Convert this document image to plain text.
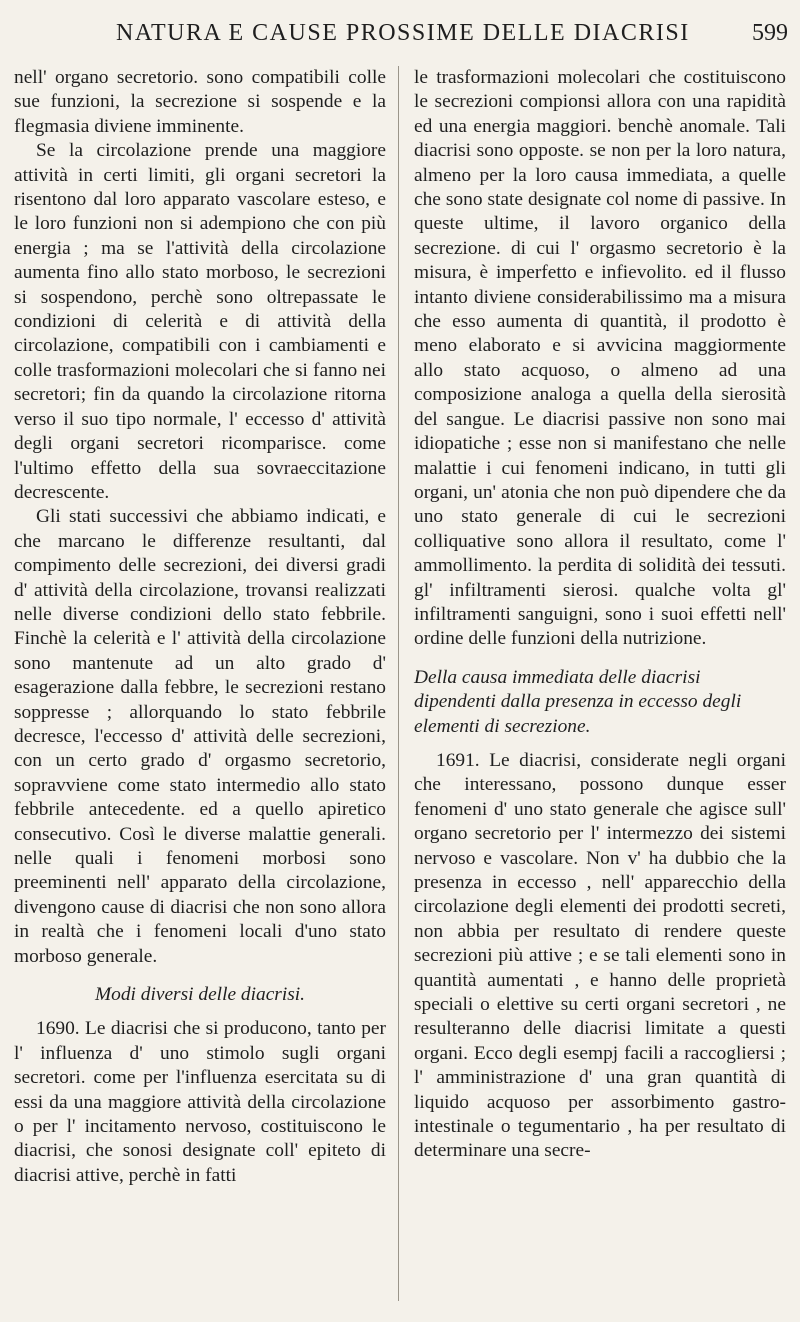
NATURA E CAUSE PROSSIME DELLE DIACRISI	599

nell' organo secretorio. sono compatibili colle sue funzioni, la secrezione si sospende e la flegmasia diviene imminente.

Se la circolazione prende una maggiore attività in certi limiti, gli organi secretori la risentono dal loro apparato vascolare esteso, e le loro funzioni non si adempiono che con più energia ; ma se l'attività della circolazione aumenta fino allo stato morboso, le secrezioni si sospendono, perchè sono oltrepassate le condizioni di celerità e di attività della circolazione, compatibili con i cambiamenti e colle trasformazioni molecolari che si fanno nei secretori; fin da quando la circolazione ritorna verso il suo tipo normale, l' eccesso d' attività degli organi secretori ricomparisce. come l'ultimo effetto della sua sovraeccitazione decrescente.

Gli stati successivi che abbiamo indicati, e che marcano le differenze resultanti, dal compimento delle secrezioni, dei diversi gradi d' attività della circolazione, trovansi realizzati nelle diverse condizioni dello stato febbrile. Finchè la celerità e l' attività della circolazione sono mantenute ad un alto grado d' esagerazione dalla febbre, le secrezioni restano soppresse ; allorquando lo stato febbrile decresce, l'eccesso d' attività delle secrezioni, con un certo grado d' orgasmo secretorio, sopravviene come stato intermedio allo stato febbrile antecedente. ed a quello apiretico consecutivo. Così le diverse malattie generali. nelle quali i fenomeni morbosi sono preeminenti nell' apparato della circolazione, divengono cause di diacrisi che non sono allora in realtà che i fenomeni locali d'uno stato morboso generale.

Modi diversi delle diacrisi.

1690. Le diacrisi che si producono, tanto per l' influenza d' uno stimolo sugli organi secretori. come per l'influenza esercitata su di essi da una maggiore attività della circolazione o per l' incitamento nervoso, costituiscono le diacrisi, che sonosi designate coll' epiteto di diacrisi attive, perchè in fatti

le trasformazioni molecolari che costituiscono le secrezioni compionsi allora con una rapidità ed una energia maggiori. benchè anomale. Tali diacrisi sono opposte. se non per la loro natura, almeno per la loro causa immediata, a quelle che sono state designate col nome di passive. In queste ultime, il lavoro organico della secrezione. di cui l' orgasmo secretorio è la misura, è imperfetto e infievolito. ed il flusso intanto diviene considerabilissimo ma a misura che esso aumenta di quantità, il prodotto è meno elaborato e si avvicina maggiormente allo stato acquoso, o almeno ad una composizione analoga a quella della sierosità del sangue. Le diacrisi passive non sono mai idiopatiche ; esse non si manifestano che nelle malattie i cui fenomeni indicano, in tutti gli organi, un' atonia che non può dipendere che da uno stato generale di cui le secrezioni colliquative sono allora il resultato, come l' ammollimento. la perdita di solidità dei tessuti. gl' infiltramenti sierosi. qualche volta gl' infiltramenti sanguigni, sono i suoi effetti nell' ordine delle funzioni della nutrizione.

Della causa immediata delle diacrisi dipendenti dalla presenza in eccesso degli elementi di secrezione.

1691. Le diacrisi, considerate negli organi che interessano, possono dunque esser fenomeni d' uno stato generale che agisce sull' organo secretorio per l' intermezzo dei sistemi nervoso e vascolare. Non v' ha dubbio che la presenza in eccesso , nell' apparecchio della circolazione degli elementi dei prodotti secreti, non abbia per resultato di rendere queste secrezioni più attive ; e se tali elementi sono in quantità aumentati , e hanno delle proprietà speciali o elettive su certi organi secretori , ne resulteranno delle diacrisi limitate a questi organi. Ecco degli esempj facili a raccogliersi ; l' amministrazione d' una gran quantità di liquido acquoso per assorbimento gastro-intestinale o tegumentario , ha per resultato di determinare una secre-
